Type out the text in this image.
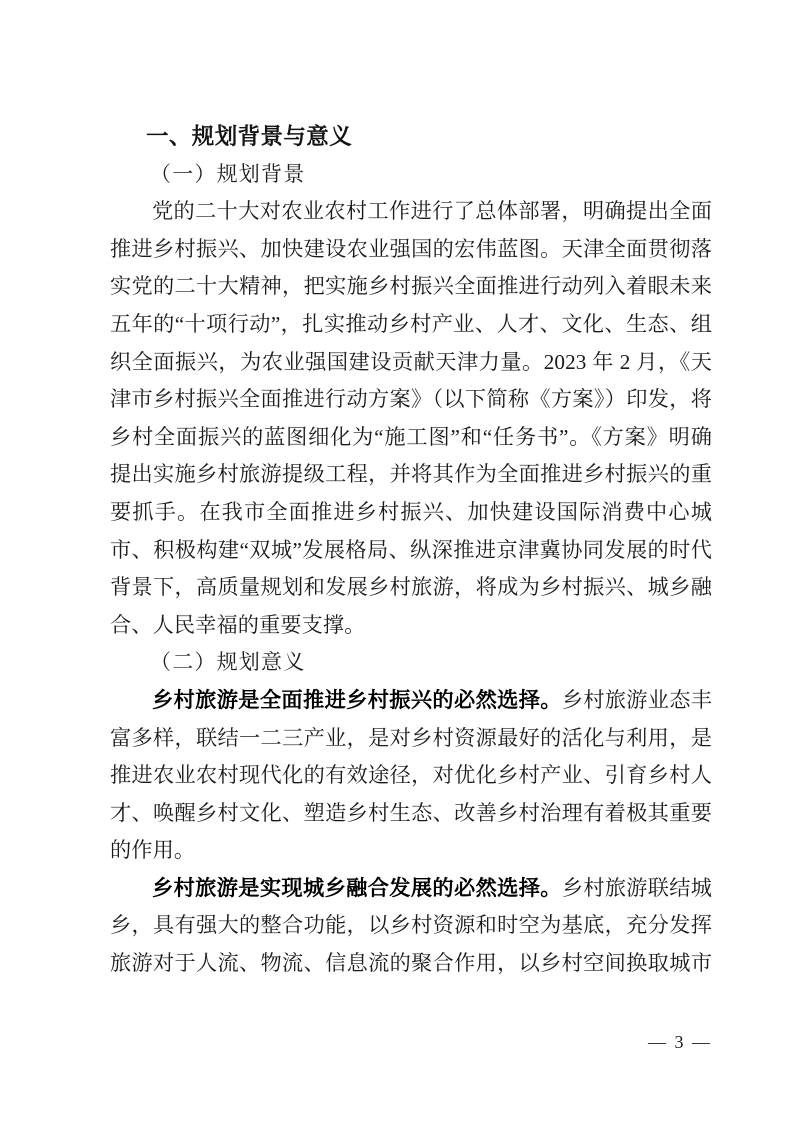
一、规划背景与意义
（一）规划背景

党的二十大对农业农村工作进行了总体部署，明确提出全面推进乡村振兴、加快建设农业强国的宏伟蓝图。天津全面贯彻落实党的二十大精神，把实施乡村振兴全面推进行动列入着眼未来五年的“十项行动”，扎实推动乡村产业、人才、文化、生态、组织全面振兴，为农业强国建设贡献天津力量。2023 年 2 月，《天津市乡村振兴全面推进行动方案》（以下简称《方案》）印发，将乡村全面振兴的蓝图细化为“施工图”和“任务书”。《方案》明确提出实施乡村旅游提级工程，并将其作为全面推进乡村振兴的重要抓手。在我市全面推进乡村振兴、加快建设国际消费中心城市、积极构建“双城”发展格局、纵深推进京津冀协同发展的时代背景下，高质量规划和发展乡村旅游，将成为乡村振兴、城乡融合、人民幸福的重要支撑。

（二）规划意义

乡村旅游是全面推进乡村振兴的必然选择。乡村旅游业态丰富多样，联结一二三产业，是对乡村资源最好的活化与利用，是推进农业农村现代化的有效途径，对优化乡村产业、引育乡村人才、唤醒乡村文化、塑造乡村生态、改善乡村治理有着极其重要的作用。

乡村旅游是实现城乡融合发展的必然选择。乡村旅游联结城乡，具有强大的整合功能，以乡村资源和时空为基底，充分发挥旅游对于人流、物流、信息流的聚合作用，以乡村空间换取城市

— 3 —
